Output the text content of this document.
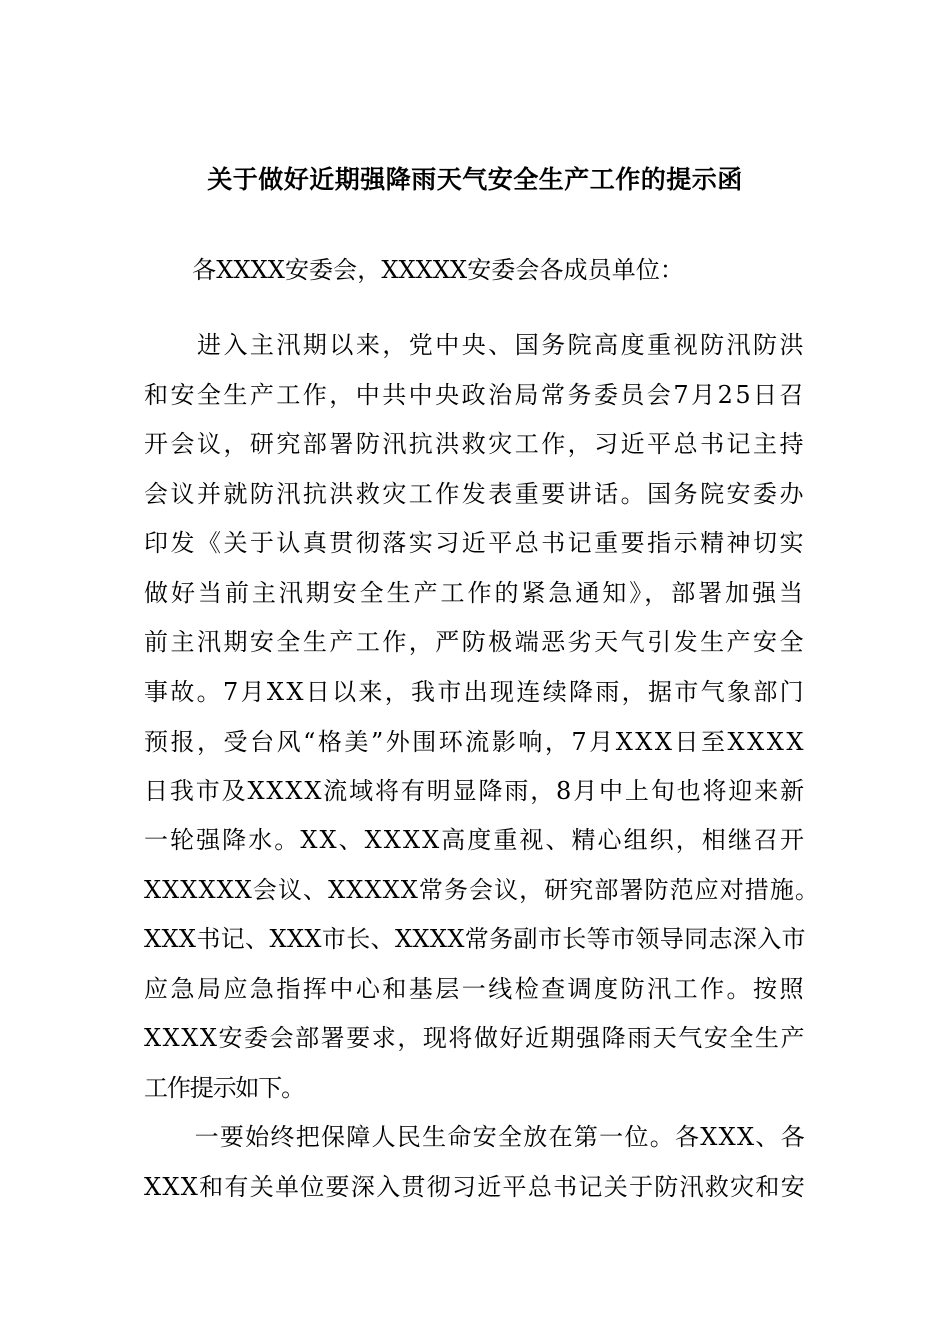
关于做好近期强降雨天气安全生产工作的提示函
　　各XXXX安委会，XXXXX安委会各成员单位：
　　进入主汛期以来，党中央、国务院高度重视防汛防洪
和安全生产工作，中共中央政治局常务委员会7月25日召
开会议，研究部署防汛抗洪救灾工作，习近平总书记主持
会议并就防汛抗洪救灾工作发表重要讲话。国务院安委办
印发《关于认真贯彻落实习近平总书记重要指示精神切实
做好当前主汛期安全生产工作的紧急通知》，部署加强当
前主汛期安全生产工作，严防极端恶劣天气引发生产安全
事故。7月XX日以来，我市出现连续降雨，据市气象部门
预报，受台风“格美”外围环流影响，7月XXX日至XXXX
日我市及XXXX流域将有明显降雨，8月中上旬也将迎来新
一轮强降水。XX、XXXX高度重视、精心组织，相继召开
XXXXXX会议、XXXXX常务会议，研究部署防范应对措施。
XXX书记、XXX市长、XXXX常务副市长等市领导同志深入市
应急局应急指挥中心和基层一线检查调度防汛工作。按照
XXXX安委会部署要求，现将做好近期强降雨天气安全生产
工作提示如下。
　　一要始终把保障人民生命安全放在第一位。各XXX、各
XXX和有关单位要深入贯彻习近平总书记关于防汛救灾和安
